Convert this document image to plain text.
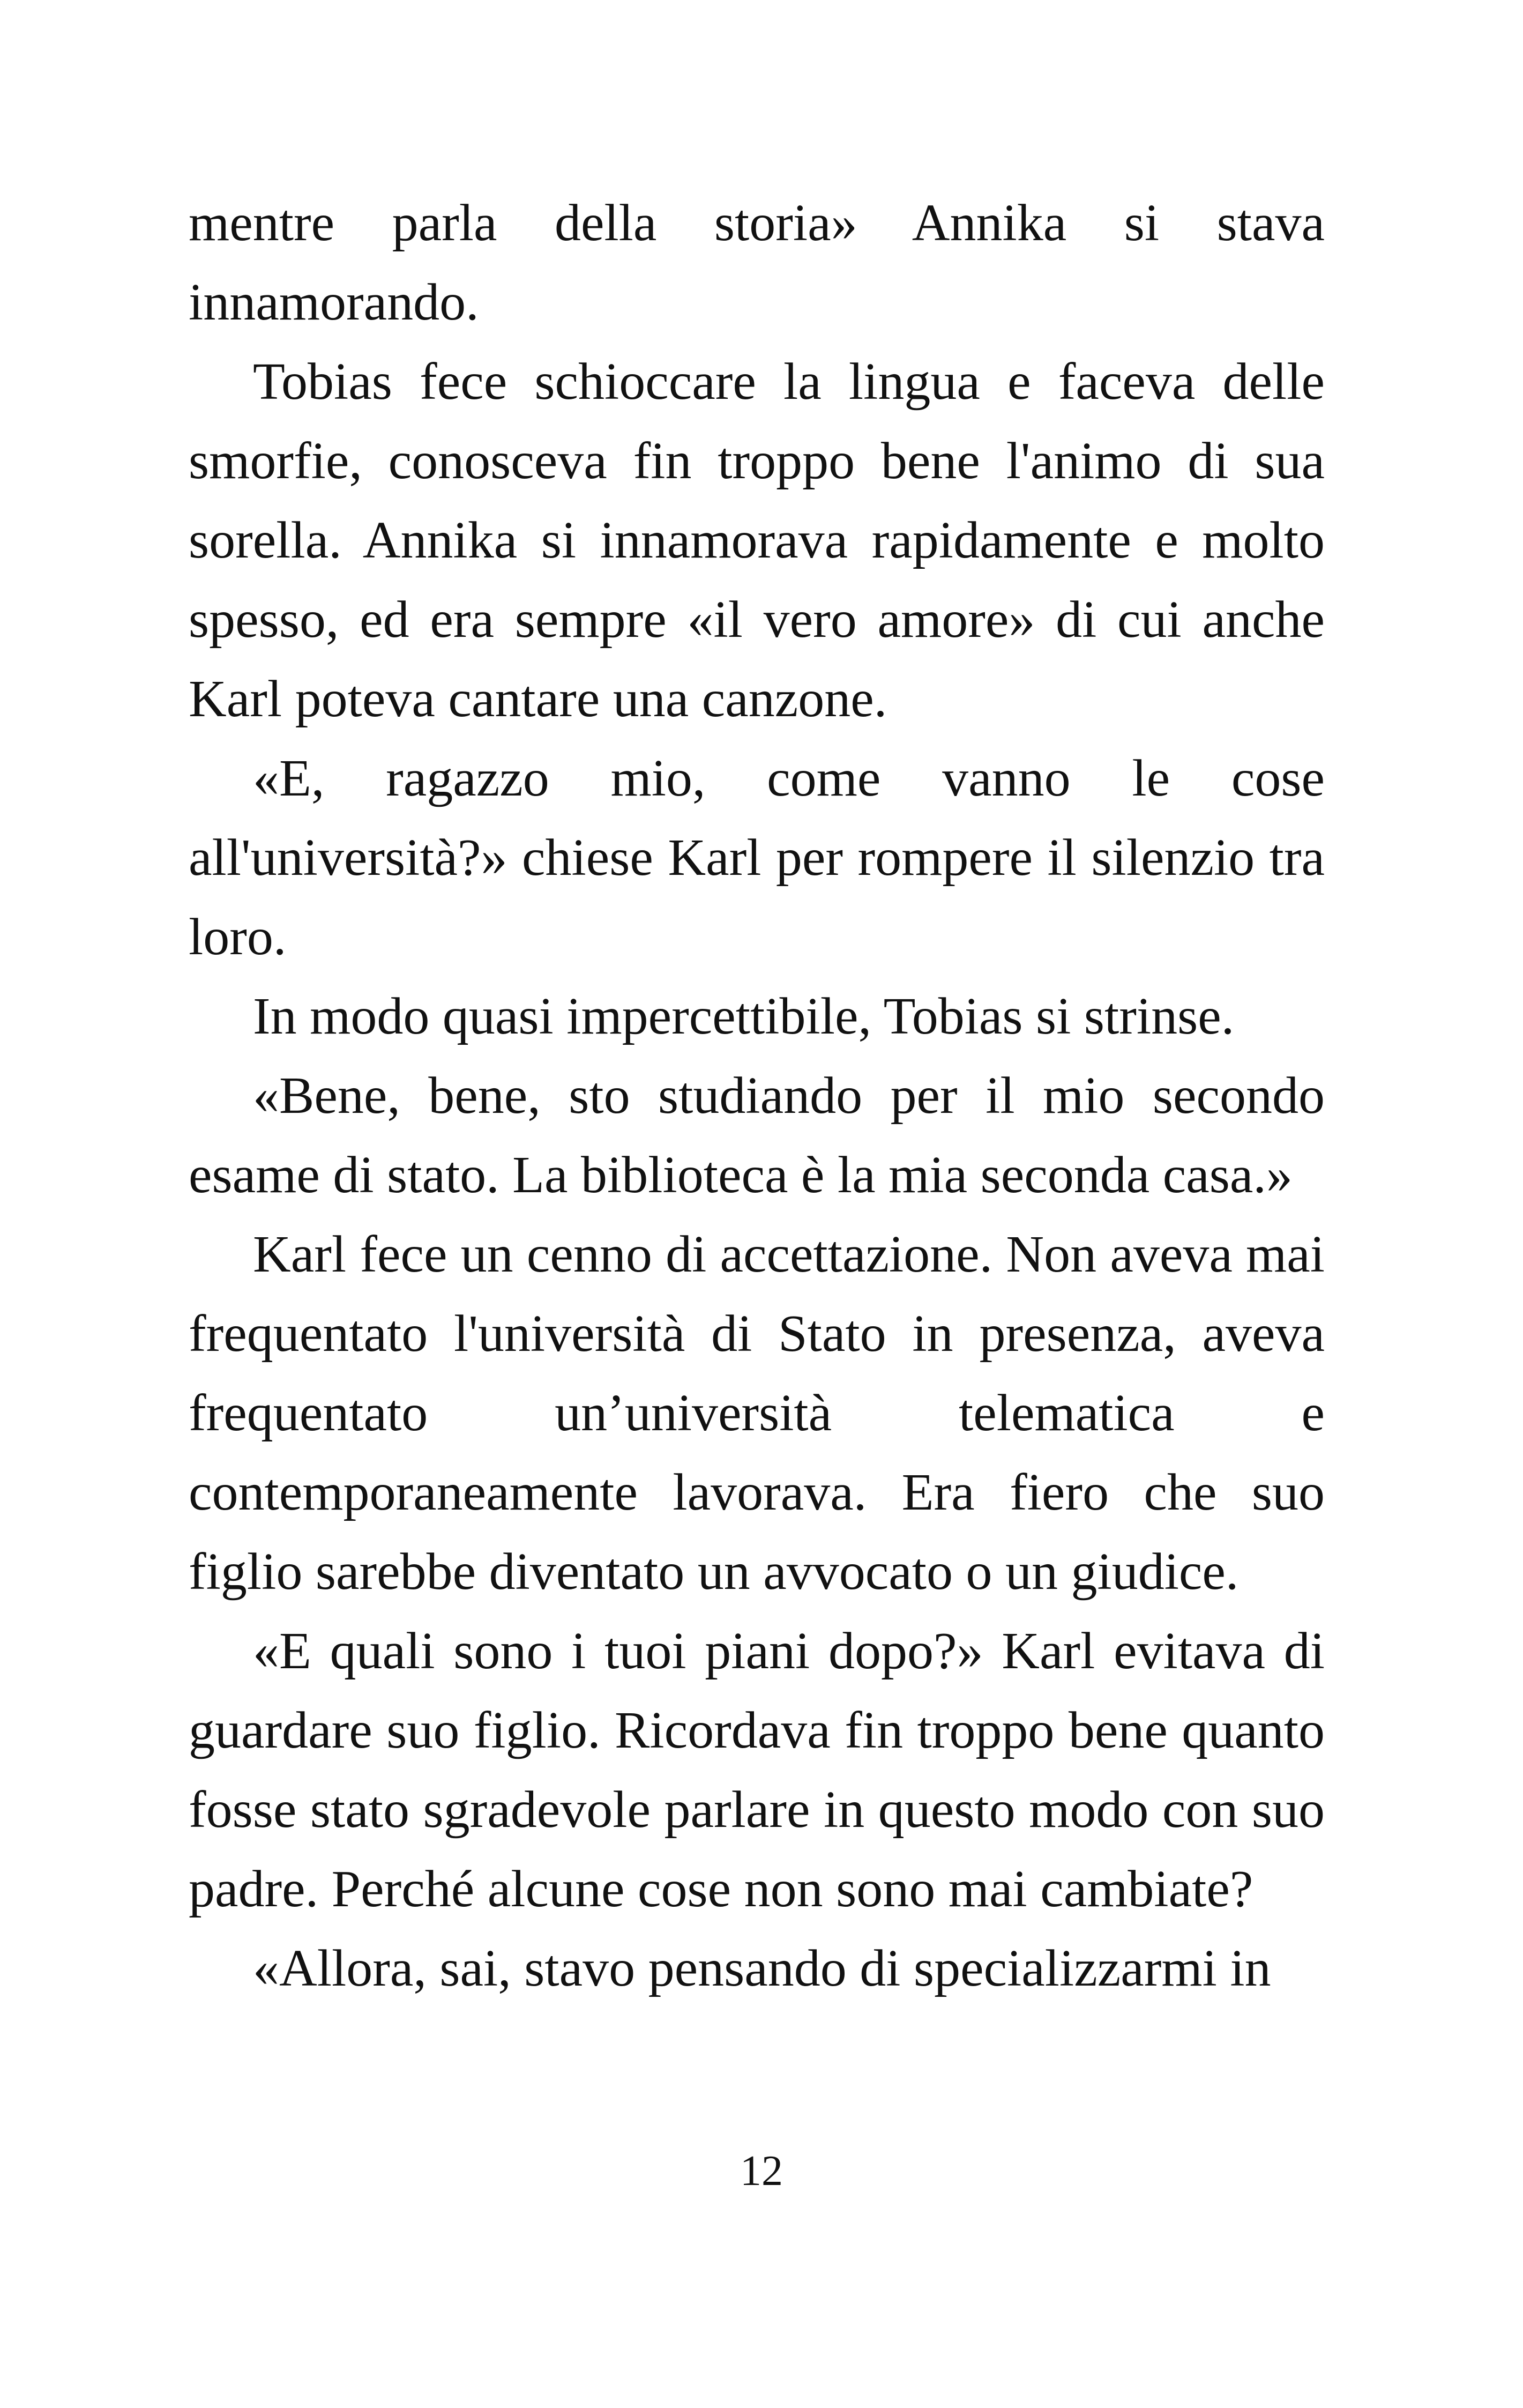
mentre parla della storia» Annika si stava innamorando.

Tobias fece schioccare la lingua e faceva delle smorfie, conosceva fin troppo bene l'animo di sua sorella. Annika si innamorava rapidamente e molto spesso, ed era sempre «il vero amore» di cui anche Karl poteva cantare una canzone.

«E, ragazzo mio, come vanno le cose all'università?» chiese Karl per rompere il silenzio tra loro.

In modo quasi impercettibile, Tobias si strinse.

«Bene, bene, sto studiando per il mio secondo esame di stato. La biblioteca è la mia seconda casa.»

Karl fece un cenno di accettazione. Non aveva mai frequentato l'università di Stato in presenza, aveva frequentato un’università telematica e contemporaneamente lavorava. Era fiero che suo figlio sarebbe diventato un avvocato o un giudice.

«E quali sono i tuoi piani dopo?» Karl evitava di guardare suo figlio. Ricordava fin troppo bene quanto fosse stato sgradevole parlare in questo modo con suo padre. Perché alcune cose non sono mai cambiate?

«Allora, sai, stavo pensando di specializzarmi in

12
